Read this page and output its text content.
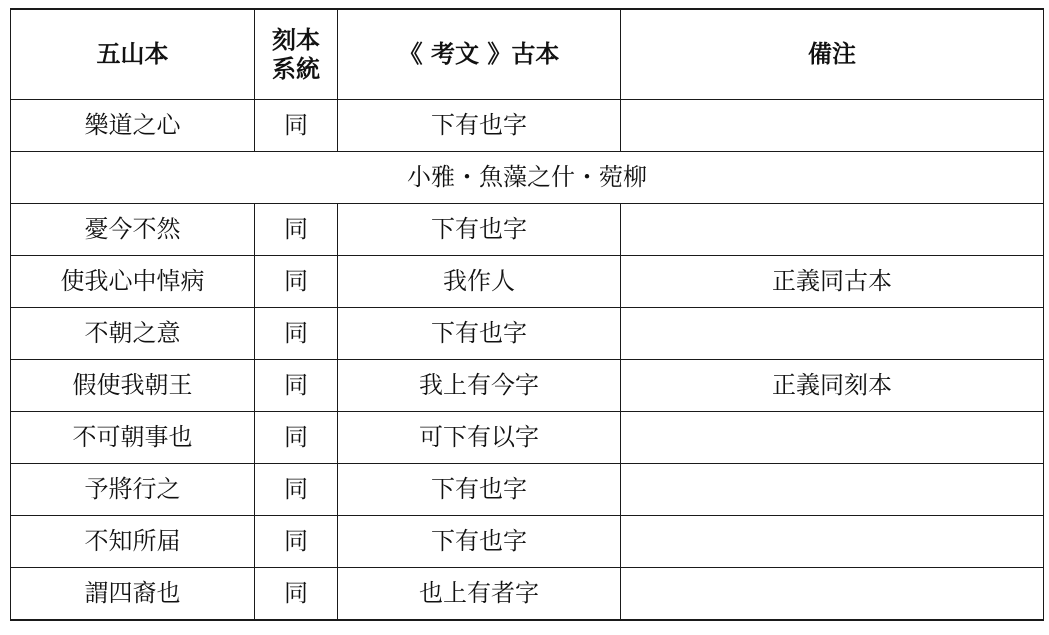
五山本	刻本系統	《 考文 》古本	備注
樂道之心	同	下有也字	
小雅・魚藻之什・菀柳			
憂今不然	同	下有也字	
使我心中悼病	同	我作人	正義同古本
不朝之意	同	下有也字	
假使我朝王	同	我上有今字	正義同刻本
不可朝事也	同	可下有以字	
予將行之	同	下有也字	
不知所届	同	下有也字	
謂四裔也	同	也上有者字	
